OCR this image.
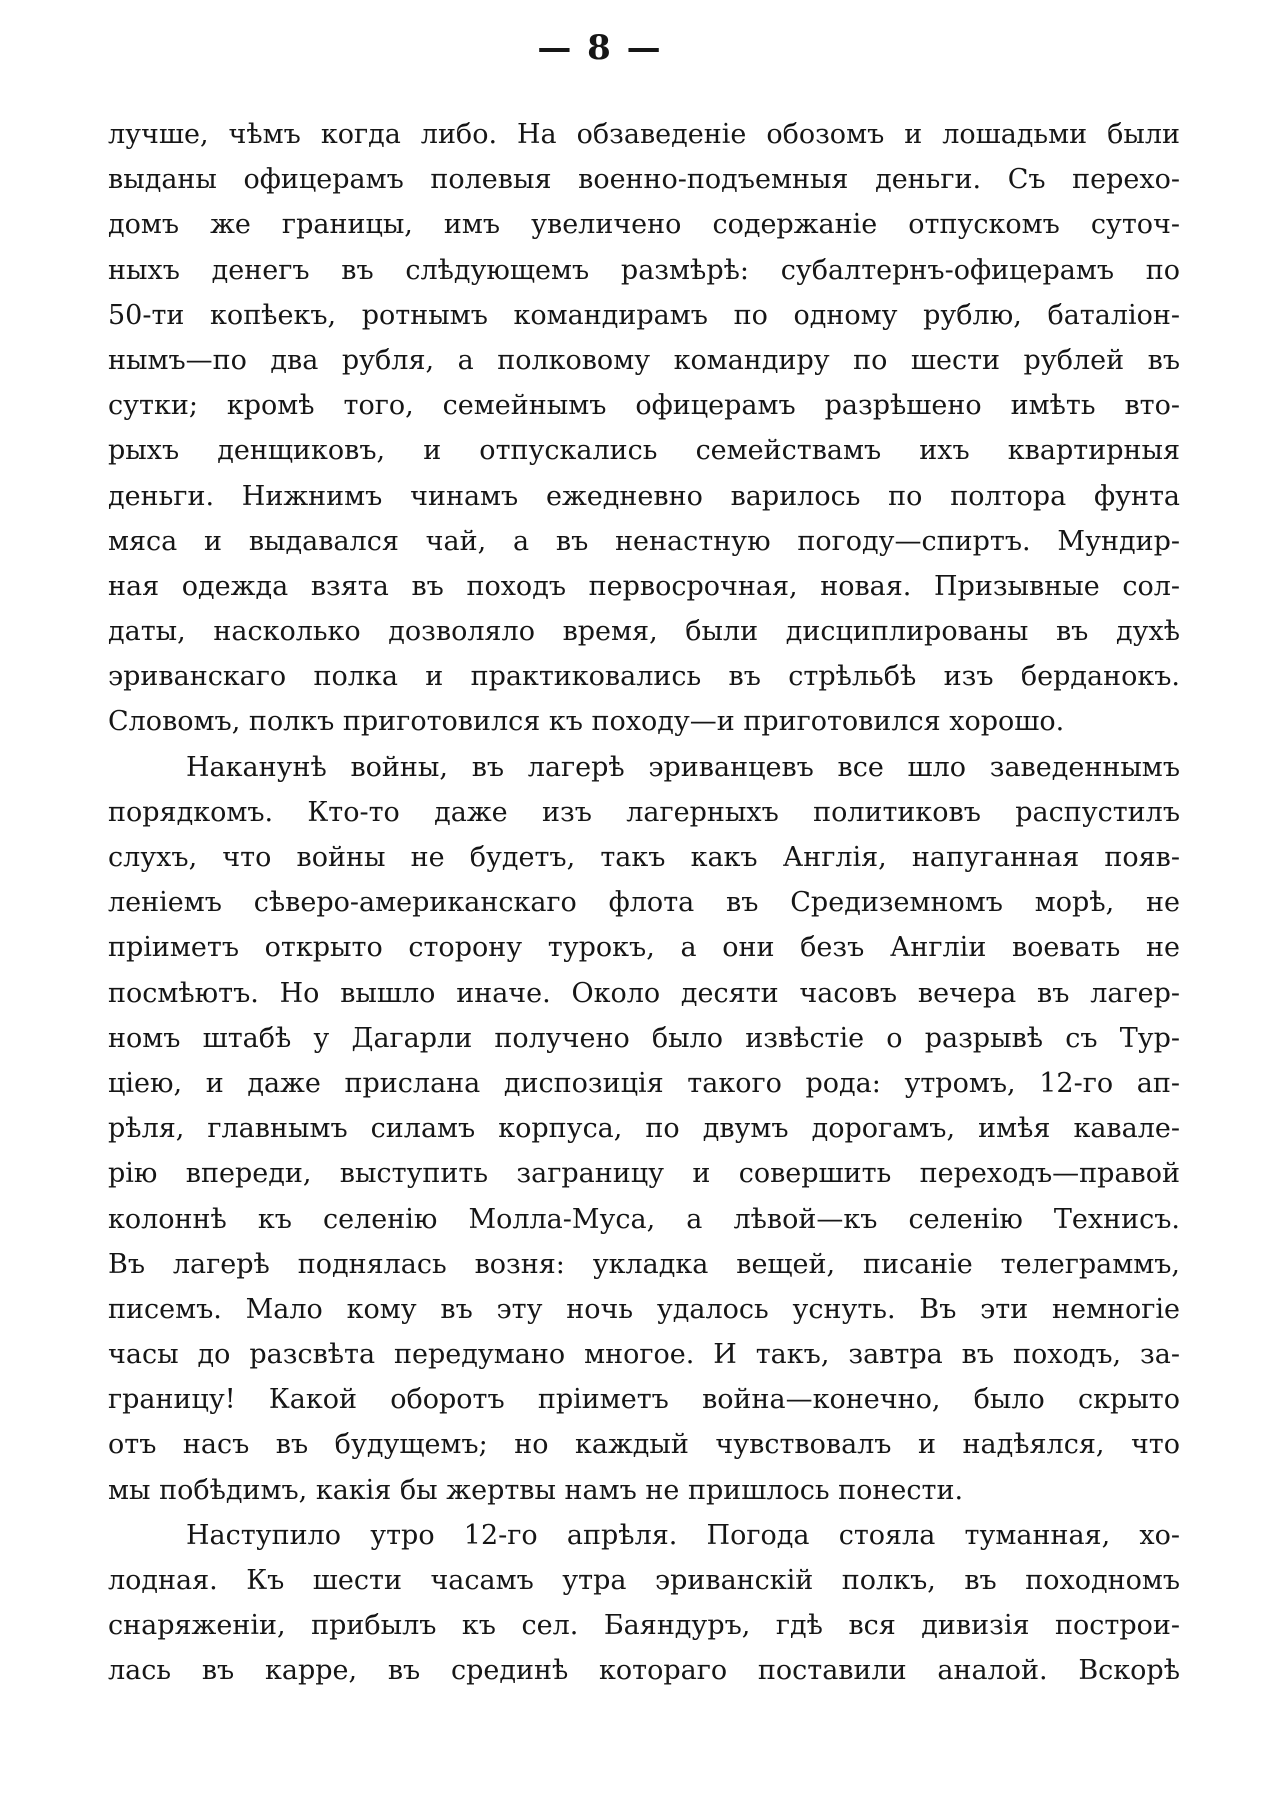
— 8 —
лучше, чѣмъ когда либо. На обзаведеніе обозомъ и лошадьми были
выданы офицерамъ полевыя военно-подъемныя деньги. Съ перехо-
домъ же границы, имъ увеличено содержаніе отпускомъ суточ-
ныхъ денегъ въ слѣдующемъ размѣрѣ: субалтернъ-офицерамъ по
50-ти копѣекъ, ротнымъ командирамъ по одному рублю, баталіон-
нымъ—по два рубля, а полковому командиру по шести рублей въ
сутки; кромѣ того, семейнымъ офицерамъ разрѣшено имѣть вто-
рыхъ денщиковъ, и отпускались семействамъ ихъ квартирныя
деньги. Нижнимъ чинамъ ежедневно варилось по полтора фунта
мяса и выдавался чай, а въ ненастную погоду—спиртъ. Мундир-
ная одежда взята въ походъ первосрочная, новая. Призывные сол-
даты, насколько дозволяло время, были дисциплированы въ духѣ
эриванскаго полка и практиковались въ стрѣльбѣ изъ берданокъ.
Словомъ, полкъ приготовился къ походу—и приготовился хорошо.
Наканунѣ войны, въ лагерѣ эриванцевъ все шло заведеннымъ
порядкомъ. Кто-то даже изъ лагерныхъ политиковъ распустилъ
слухъ, что войны не будетъ, такъ какъ Англія, напуганная появ-
леніемъ сѣверо-американскаго флота въ Средиземномъ морѣ, не
пріиметъ открыто сторону турокъ, а они безъ Англіи воевать не
посмѣютъ. Но вышло иначе. Около десяти часовъ вечера въ лагер-
номъ штабѣ у Дагарли получено было извѣстіе о разрывѣ съ Тур-
ціею, и даже прислана диспозиція такого рода: утромъ, 12-го ап-
рѣля, главнымъ силамъ корпуса, по двумъ дорогамъ, имѣя кавале-
рію впереди, выступить заграницу и совершить переходъ—правой
колоннѣ къ селенію Молла-Муса, а лѣвой—къ селенію Технисъ.
Въ лагерѣ поднялась возня: укладка вещей, писаніе телеграммъ,
писемъ. Мало кому въ эту ночь удалось уснуть. Въ эти немногіе
часы до разсвѣта передумано многое. И такъ, завтра въ походъ, за-
границу! Какой оборотъ пріиметъ война—конечно, было скрыто
отъ насъ въ будущемъ; но каждый чувствовалъ и надѣялся, что
мы побѣдимъ, какія бы жертвы намъ не пришлось понести.
Наступило утро 12-го апрѣля. Погода стояла туманная, хо-
лодная. Къ шести часамъ утра эриванскій полкъ, въ походномъ
снаряженіи, прибылъ къ сел. Баяндуръ, гдѣ вся дивизія построи-
лась въ карре, въ срединѣ котораго поставили аналой. Вскорѣ
